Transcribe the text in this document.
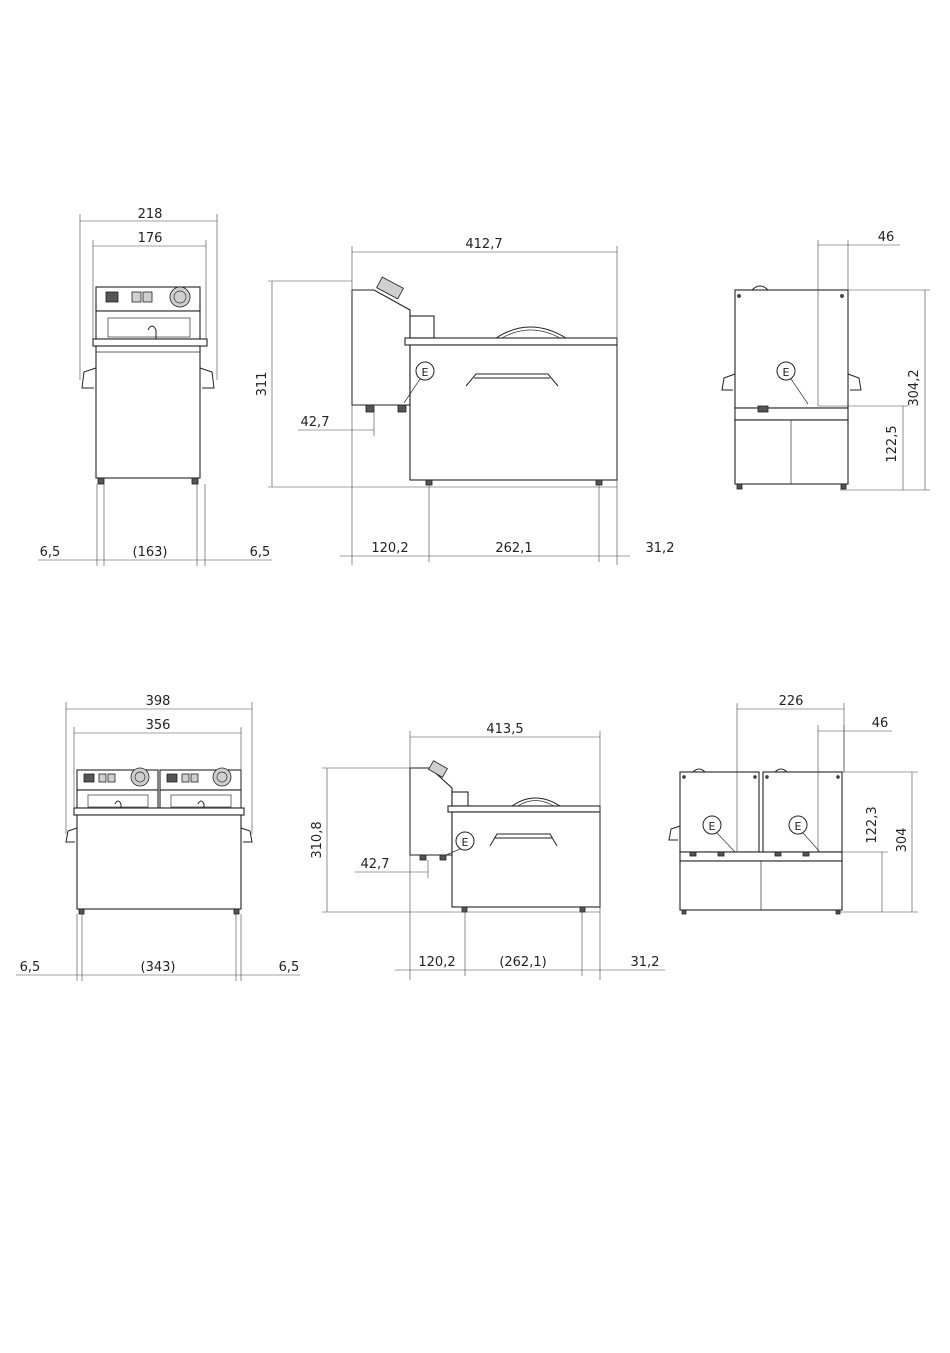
218
176
6,5	(163)	6,5
E
412,7
311
42,7
120,2	262,1	31,2
E
46
304,2
122,5
398
356
6,5	(343)	6,5
E
413,5
310,8
42,7
120,2	(262,1)	31,2
E	E
226
46
122,3 304
